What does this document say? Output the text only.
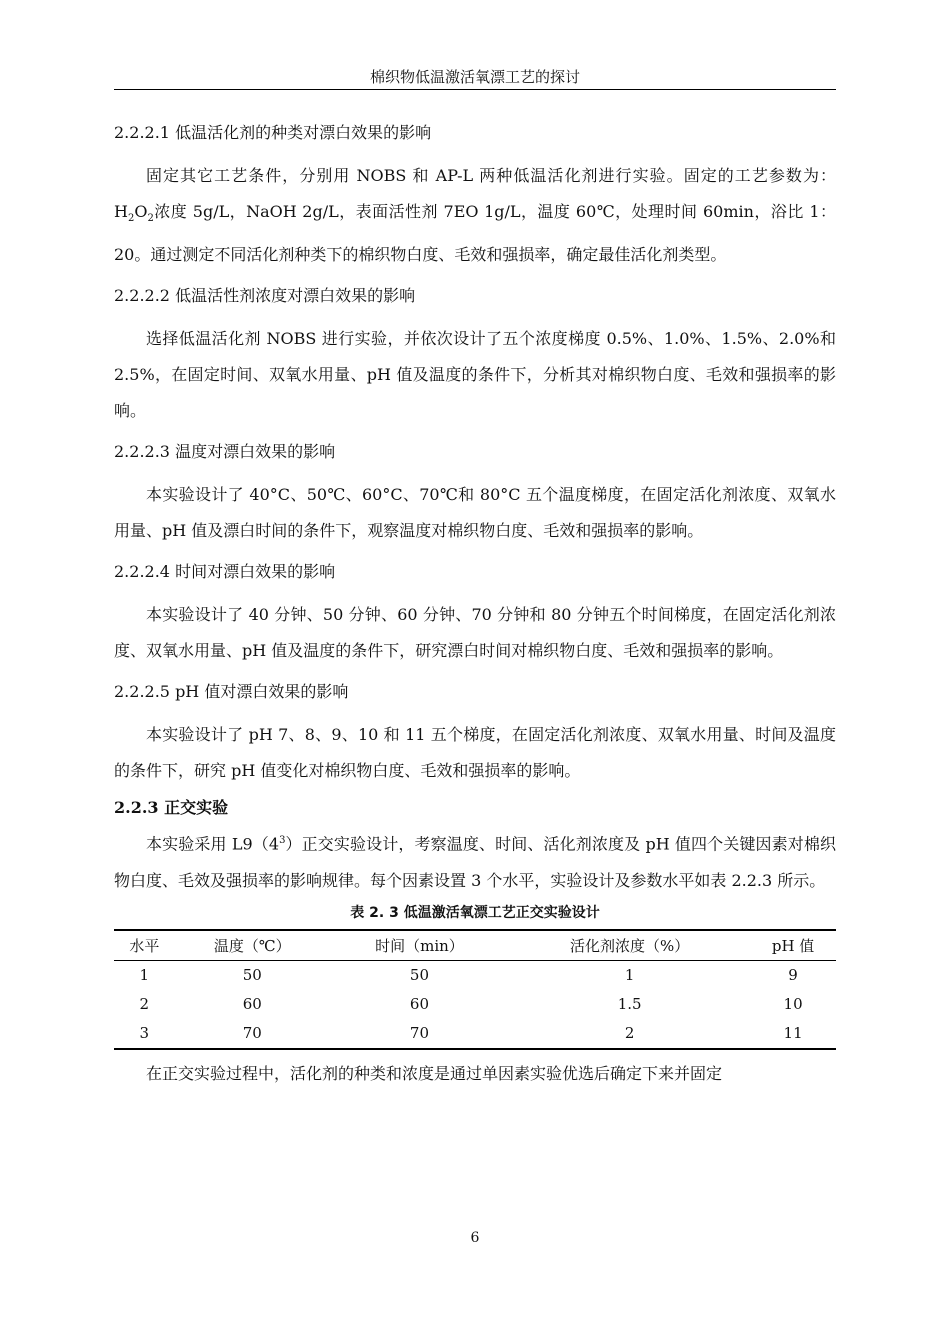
棉织物低温激活氧漂工艺的探讨
2.2.2.1 低温活化剂的种类对漂白效果的影响

固定其它工艺条件，分别用 NOBS 和 AP-L 两种低温活化剂进行实验。固定的工艺参数为：$H_2O_2$浓度 5g/L，NaOH 2g/L，表面活性剂 7EO 1g/L，温度 60℃，处理时间 60min，浴比 1：20。通过测定不同活化剂种类下的棉织物白度、毛效和强损率，确定最佳活化剂类型。

2.2.2.2 低温活性剂浓度对漂白效果的影响

选择低温活化剂 NOBS 进行实验，并依次设计了五个浓度梯度 0.5%、1.0%、1.5%、2.0%和 2.5%，在固定时间、双氧水用量、pH 值及温度的条件下，分析其对棉织物白度、毛效和强损率的影响。

2.2.2.3 温度对漂白效果的影响

本实验设计了 40°C、50℃、60°C、70℃和 80°C 五个温度梯度，在固定活化剂浓度、双氧水用量、pH 值及漂白时间的条件下，观察温度对棉织物白度、毛效和强损率的影响。

2.2.2.4 时间对漂白效果的影响

本实验设计了 40 分钟、50 分钟、60 分钟、70 分钟和 80 分钟五个时间梯度，在固定活化剂浓度、双氧水用量、pH 值及温度的条件下，研究漂白时间对棉织物白度、毛效和强损率的影响。

2.2.2.5 pH 值对漂白效果的影响

本实验设计了 pH 7、8、9、10 和 11 五个梯度，在固定活化剂浓度、双氧水用量、时间及温度的条件下，研究 pH 值变化对棉织物白度、毛效和强损率的影响。

2.2.3 正交实验

本实验采用 $L9(4^3)$正交实验设计，考察温度、时间、活化剂浓度及 pH 值四个关键因素对棉织物白度、毛效及强损率的影响规律。每个因素设置 3 个水平，实验设计及参数水平如表 2.2.3 所示。

表 2. 3 低温激活氧漂工艺正交实验设计
水平	温度（℃）	时间（min）	活化剂浓度（%）	pH 值
1	50	50	1	9
2	60	60	1.5	10
3	70	70	2	11

在正交实验过程中，活化剂的种类和浓度是通过单因素实验优选后确定下来并固定

6
